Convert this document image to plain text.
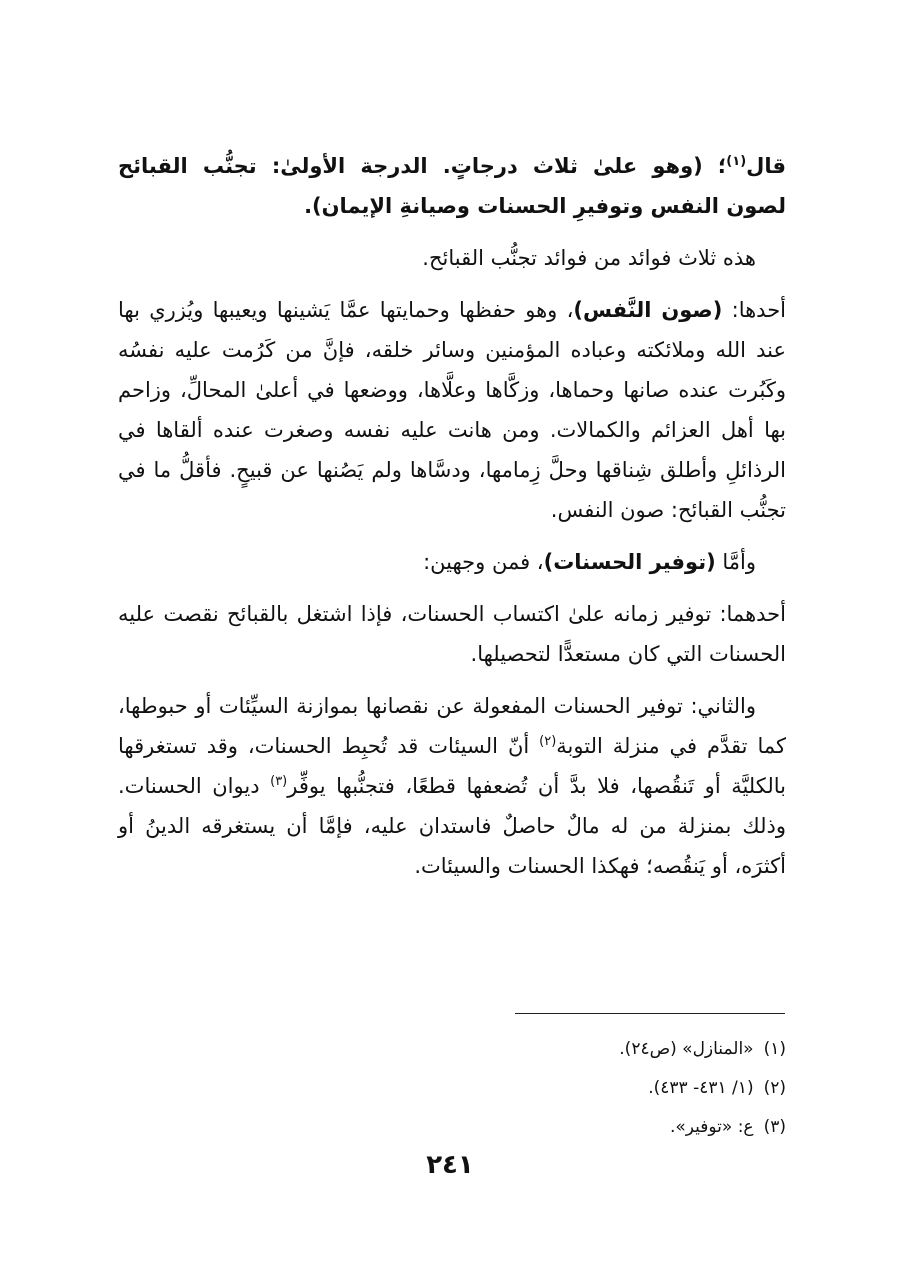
قال$^{(١)}$؛ (وهو علىٰ ثلاث درجاتٍ. الدرجة الأولىٰ: تجنُّب القبائح لصون النفس وتوفيرِ الحسنات وصيانةِ الإيمان).

هذه ثلاث فوائد من فوائد تجنُّب القبائح.

أحدها: (صون النَّفس)، وهو حفظها وحمايتها عمَّا يَشينها ويعيبها ويُزري بها عند الله وملائكته وعباده المؤمنين وسائر خلقه، فإنَّ من كَرُمت عليه نفسُه وكَبُرت عنده صانها وحماها، وزكَّاها وعلَّاها، ووضعها في أعلىٰ المحالِّ، وزاحم بها أهل العزائم والكمالات. ومن هانت عليه نفسه وصغرت عنده ألقاها في الرذائلِ وأطلق شِناقها وحلَّ زِمامها، ودسَّاها ولم يَصُنها عن قبيحٍ. فأقلُّ ما في تجنُّب القبائح: صون النفس.

وأمَّا (توفير الحسنات)، فمن وجهين:

أحدهما: توفير زمانه علىٰ اكتساب الحسنات، فإذا اشتغل بالقبائح نقصت عليه الحسنات التي كان مستعدًّا لتحصيلها.

والثاني: توفير الحسنات المفعولة عن نقصانها بموازنة السيِّئات أو حبوطها، كما تقدَّم في منزلة التوبة$^{(٢)}$ أنّ السيئات قد تُحبِط الحسنات، وقد تستغرقها بالكليَّة أو تَنقُصها، فلا بدَّ أن تُضعفها قطعًا، فتجنُّبها يوفِّر$^{(٣)}$ ديوان الحسنات. وذلك بمنزلة من له مالٌ حاصلٌ فاستدان عليه، فإمَّا أن يستغرقه الدينُ أو أكثرَه، أو يَنقُصه؛ فهكذا الحسنات والسيئات.

(١)
«المنازل» (ص٢٤).
(٢)
(١/ ٤٣١- ٤٣٣).
(٣)
ع: «توفير».
٢٤١
